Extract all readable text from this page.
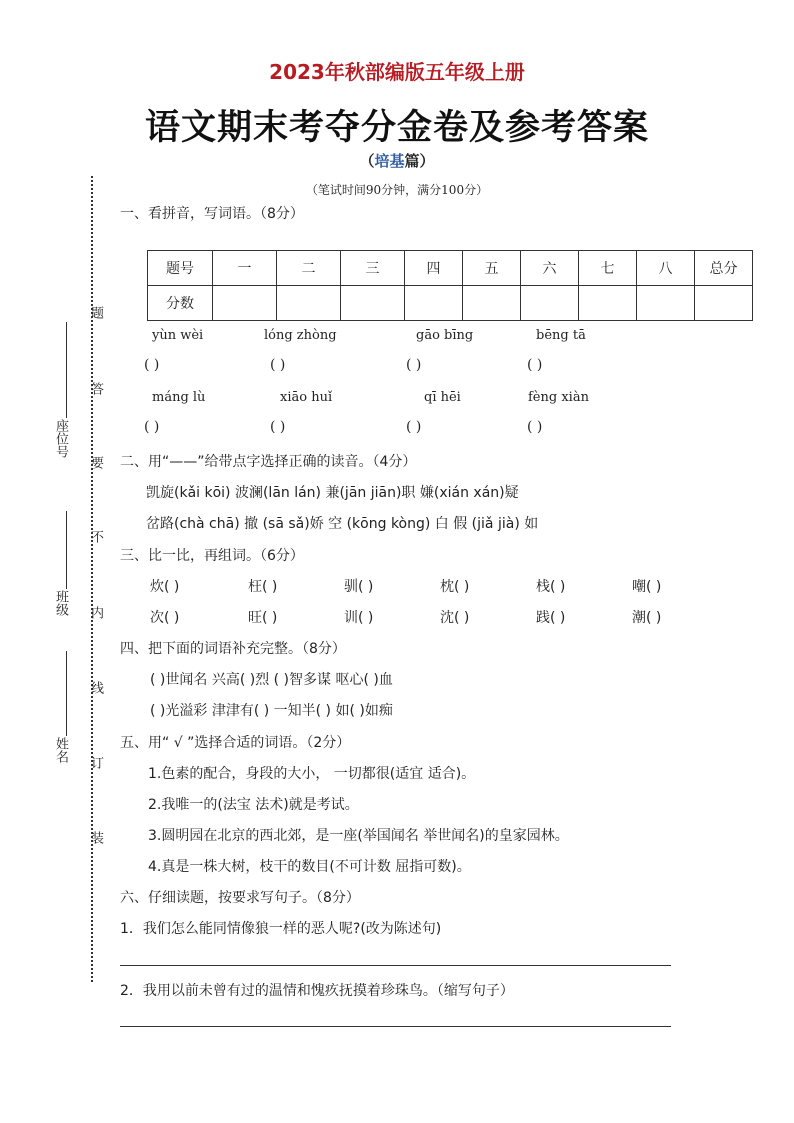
2023年秋部编版五年级上册
语文期末考夺分金卷及参考答案
（培基篇）
（笔试时间90分钟，满分100分）
座位号
班级
姓名
题
答
要
不
内
线
订
装
一、看拼音，写词语。（8分）
题号	一	二	三	四	五	六	七	八	总分
分数									
yùn wèi	lóng zhòng	gāo bīng	bēng tā
( )	( )	( )	( )
máng lù	xiāo huǐ	qī hēi	fèng xiàn
( )	( )	( )	( )
二、用“——”给带点字选择正确的读音。（4分）
凯旋(kǎi kōi) 波澜(lān lán) 兼(jān jiān)职 嫌(xián xán)疑
岔路(chà chā) 撤 (sā sǎ)娇 空 (kōng kòng) 白 假 (jiǎ jià) 如
三、比一比，再组词。（6分）
炊( )	枉( )	驯( )	枕( )	栈( )	嘲( )
次( )	旺( )	训( )	沈( )	践( )	潮( )
四、把下面的词语补充完整。（8分）
( )世闻名 兴高( )烈 ( )智多谋 呕心( )血
( )光溢彩 津津有( ) 一知半( ) 如( )如痴
五、用“ √ ”选择合适的词语。（2分）
1.色素的配合，身段的大小， 一切都很(适宜 适合)。
2.我唯一的(法宝 法术)就是考试。
3.圆明园在北京的西北郊，是一座(举国闻名 举世闻名)的皇家园林。
4.真是一株大树，枝干的数目(不可计数 屈指可数)。
六、仔细读题，按要求写句子。（8分）
1．我们怎么能同情像狼一样的恶人呢?(改为陈述句)
2．我用以前未曾有过的温情和愧疚抚摸着珍珠鸟。（缩写句子）
